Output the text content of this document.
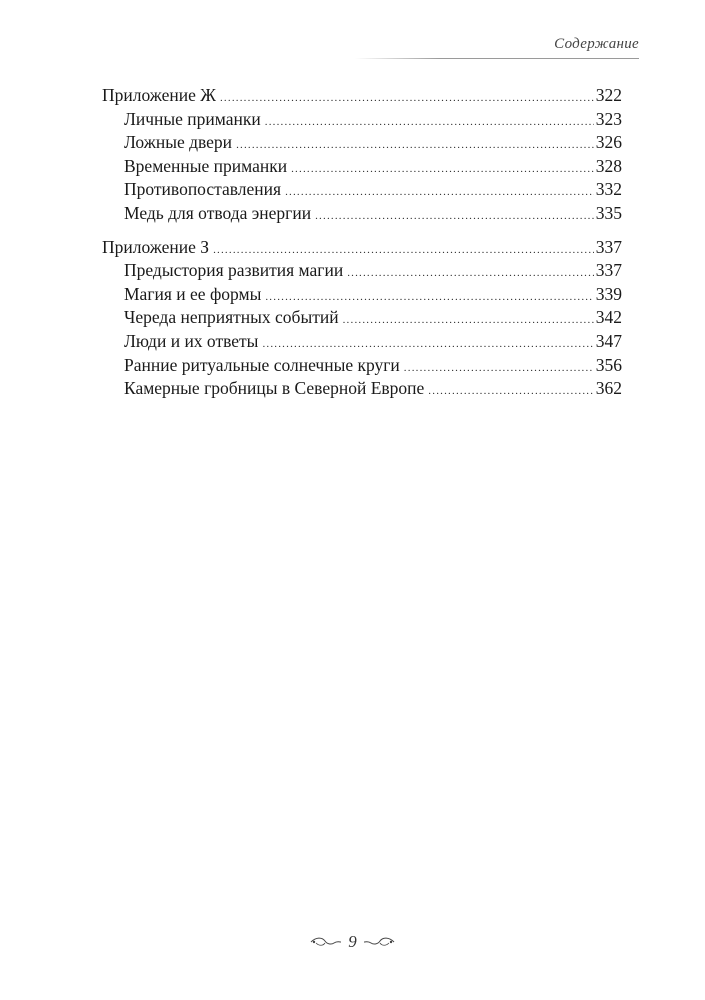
Содержание
Приложение Ж .....	322
Личные приманки .....	323
Ложные двери .....	326
Временные приманки .....	328
Противопоставления .....	332
Медь для отвода энергии .....	335
Приложение З .....	337
Предыстория развития магии .....	337
Магия и ее формы .....	339
Череда неприятных событий .....	342
Люди и их ответы .....	347
Ранние ритуальные солнечные круги .....	356
Камерные гробницы в Северной Европе .....	362
9
